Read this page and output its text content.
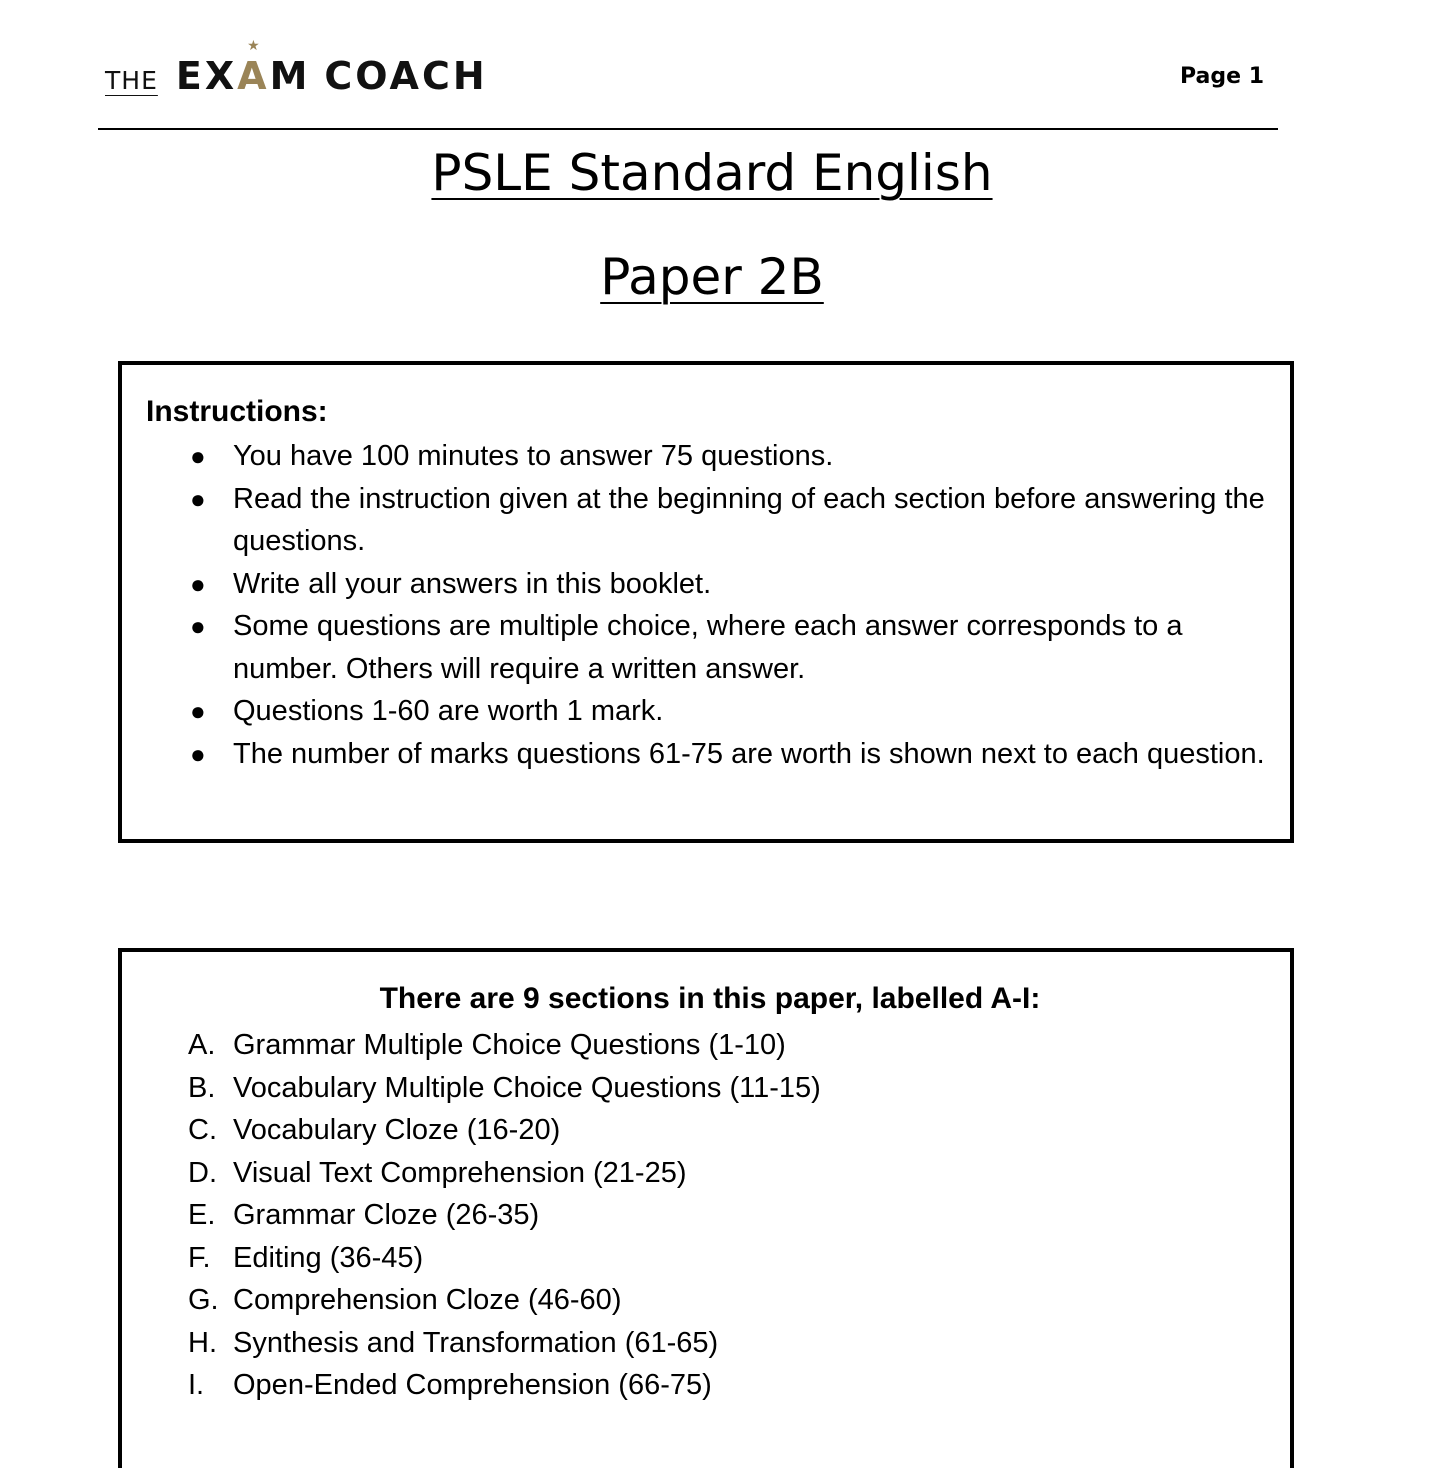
THE EX
★
AM COACH	Page 1
PSLE Standard English
Paper 2B

Instructions:

● You have 100 minutes to answer 75 questions.
● Read the instruction given at the beginning of each section before answering the questions.
● Write all your answers in this booklet.
● Some questions are multiple choice, where each answer corresponds to a number. Others will require a written answer.
● Questions 1-60 are worth 1 mark.
● The number of marks questions 61-75 are worth is shown next to each question.

There are 9 sections in this paper, labelled A-I:

A. Grammar Multiple Choice Questions (1-10)
B. Vocabulary Multiple Choice Questions (11-15)
C. Vocabulary Cloze (16-20)
D. Visual Text Comprehension (21-25)
E. Grammar Cloze (26-35)
F. Editing (36-45)
G. Comprehension Cloze (46-60)
H. Synthesis and Transformation (61-65)
I. Open-Ended Comprehension (66-75)
